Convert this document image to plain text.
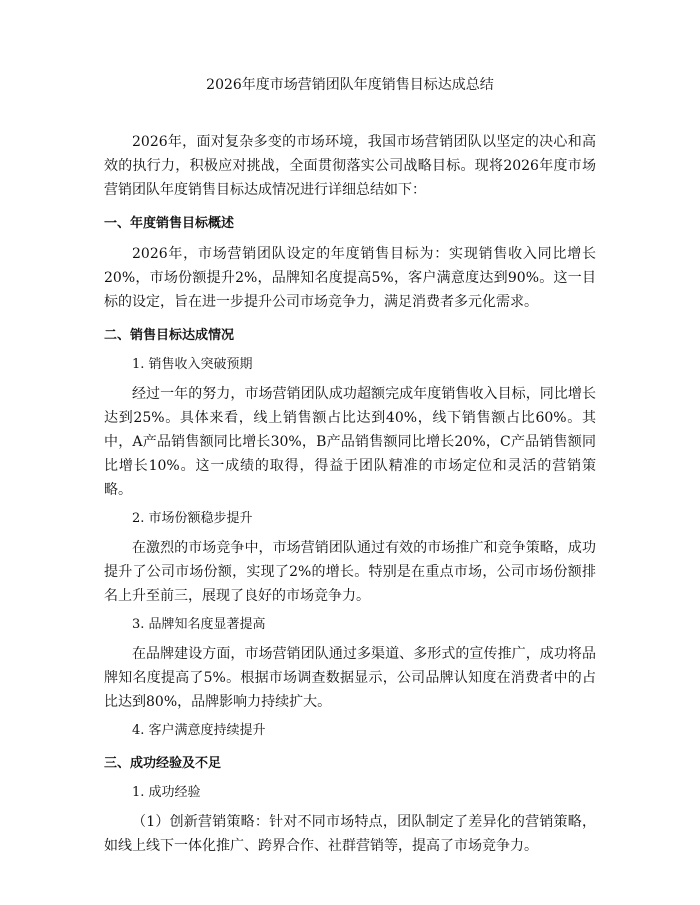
2026年度市场营销团队年度销售目标达成总结

2026年，面对复杂多变的市场环境，我国市场营销团队以坚定的决心和高效的执行力，积极应对挑战，全面贯彻落实公司战略目标。现将2026年度市场营销团队年度销售目标达成情况进行详细总结如下：

一、年度销售目标概述

2026年，市场营销团队设定的年度销售目标为：实现销售收入同比增长20%，市场份额提升2%，品牌知名度提高5%，客户满意度达到90%。这一目标的设定，旨在进一步提升公司市场竞争力，满足消费者多元化需求。

二、销售目标达成情况
1. 销售收入突破预期

经过一年的努力，市场营销团队成功超额完成年度销售收入目标，同比增长达到25%。具体来看，线上销售额占比达到40%，线下销售额占比60%。其中，A产品销售额同比增长30%，B产品销售额同比增长20%，C产品销售额同比增长10%。这一成绩的取得，得益于团队精准的市场定位和灵活的营销策略。

2. 市场份额稳步提升

在激烈的市场竞争中，市场营销团队通过有效的市场推广和竞争策略，成功提升了公司市场份额，实现了2%的增长。特别是在重点市场，公司市场份额排名上升至前三，展现了良好的市场竞争力。

3. 品牌知名度显著提高

在品牌建设方面，市场营销团队通过多渠道、多形式的宣传推广，成功将品牌知名度提高了5%。根据市场调查数据显示，公司品牌认知度在消费者中的占比达到80%，品牌影响力持续扩大。

4. 客户满意度持续提升
三、成功经验及不足
1. 成功经验

（1）创新营销策略：针对不同市场特点，团队制定了差异化的营销策略，如线上线下一体化推广、跨界合作、社群营销等，提高了市场竞争力。
